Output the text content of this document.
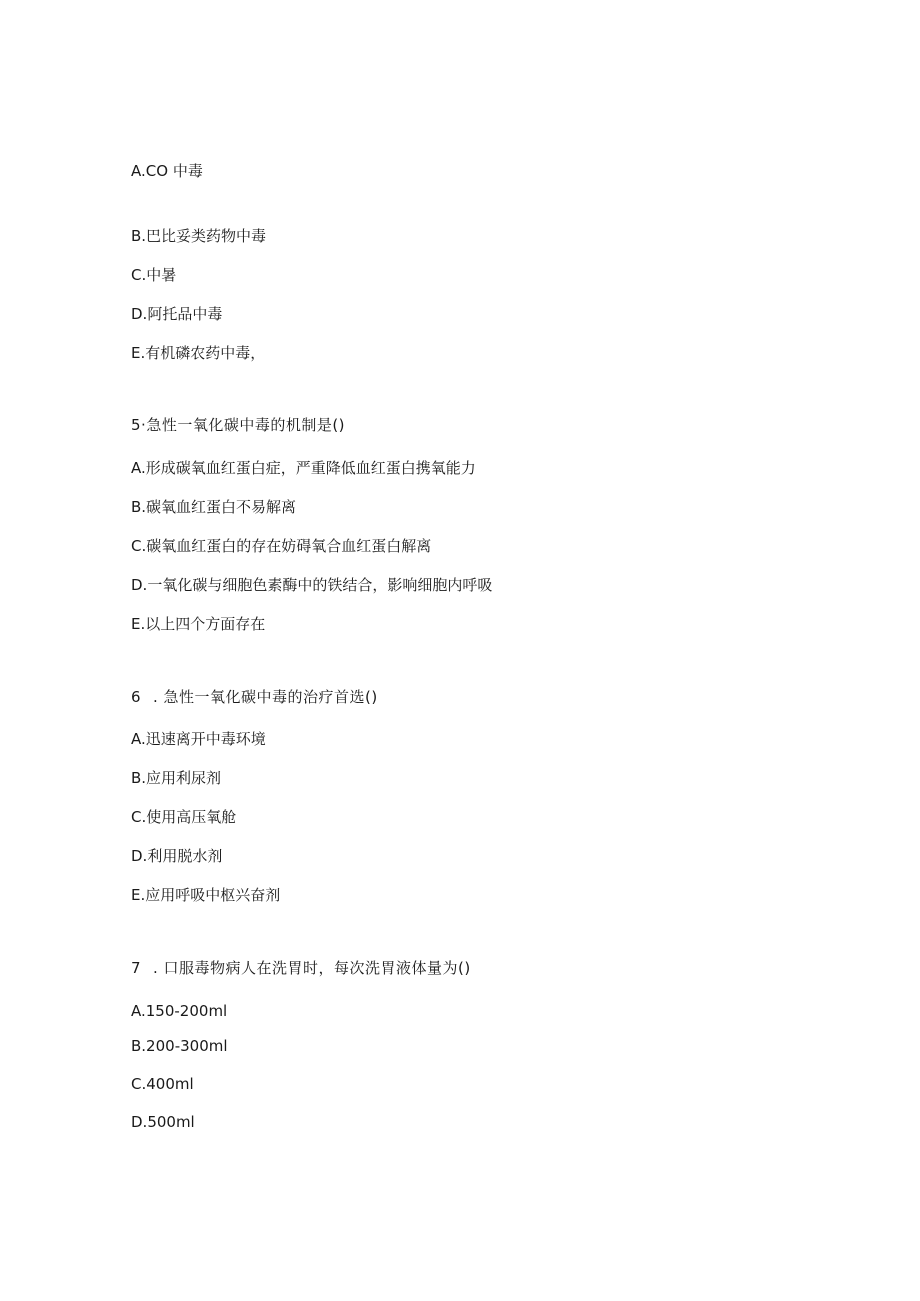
A.CO 中毒
B.巴比妥类药物中毒
C.中暑
D.阿托品中毒
E.有机磷农药中毒，
5·急性一氧化碳中毒的机制是()
A.形成碳氧血红蛋白症，严重降低血红蛋白携氧能力
B.碳氧血红蛋白不易解离
C.碳氧血红蛋白的存在妨碍氧合血红蛋白解离
D.一氧化碳与细胞色素酶中的铁结合，影响细胞内呼吸
E.以上四个方面存在
6 . 急性一氧化碳中毒的治疗首选()
A.迅速离开中毒环境
B.应用利尿剂
C.使用高压氧舱
D.利用脱水剂
E.应用呼吸中枢兴奋剂
7 . 口服毒物病人在洗胃时，每次洗胃液体量为()
A.150-200ml
B.200-300ml
C.400ml
D.500ml
